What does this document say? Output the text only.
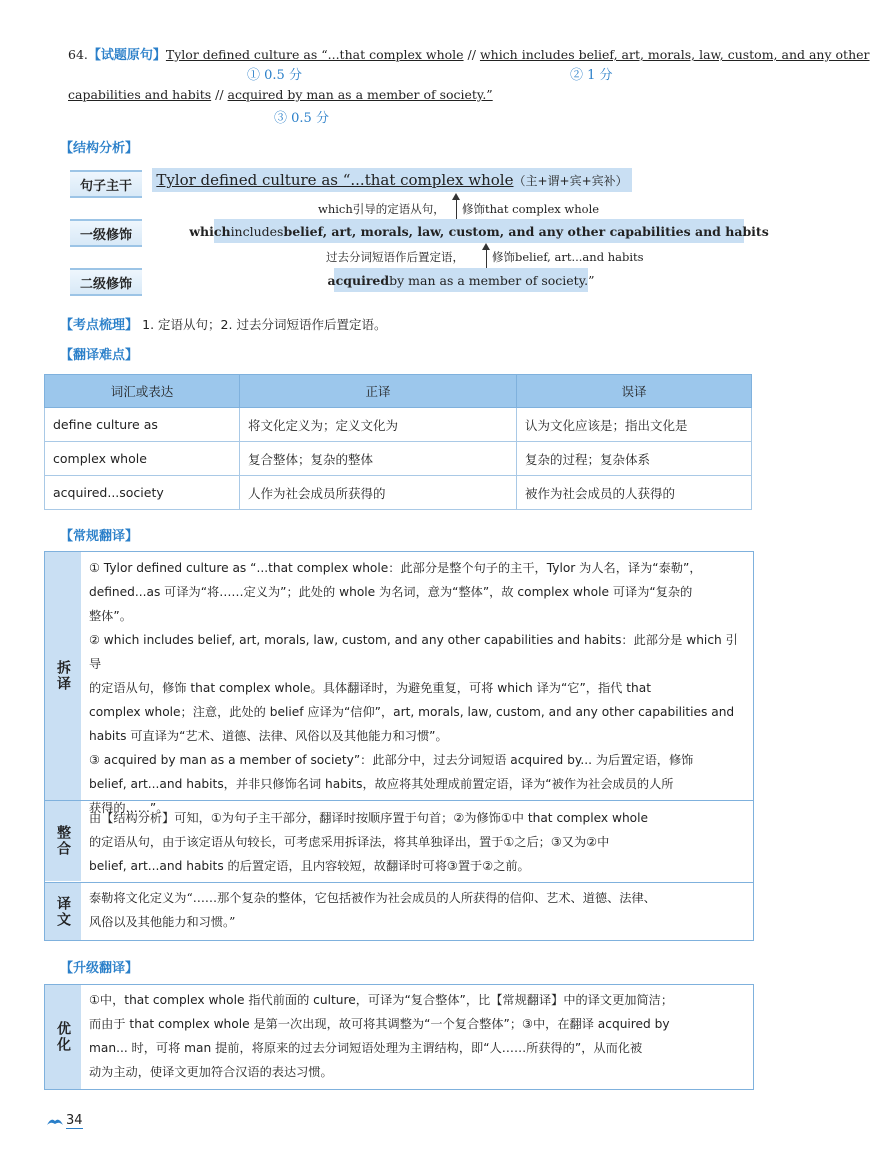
64.【试题原句】Tylor defined culture as “...that complex whole // which includes belief, art, morals, law, custom, and any other
① 0.5 分	② 1 分
capabilities and habits // acquired by man as a member of society.”
③ 0.5 分
【结构分析】
句子主干	Tylor defined culture as “...that complex whole （主+谓+宾+宾补）
which引导的定语从句， 修饰that complex whole
一级修饰	which includes belief, art, morals, law, custom, and any other capabilities and habits
过去分词短语作后置定语， 修饰belief, art...and habits
二级修饰	acquired by man as a member of society.”
【考点梳理】 1. 定语从句；2. 过去分词短语作后置定语。
【翻译难点】
词汇或表达	正译	误译
define culture as	将文化定义为；定义文化为	认为文化应该是；指出文化是
complex whole	复合整体；复杂的整体	复杂的过程；复杂体系
acquired...society	人作为社会成员所获得的	被作为社会成员的人获得的
【常规翻译】
拆译
① Tylor defined culture as “...that complex whole：此部分是整个句子的主干，Tylor 为人名，译为“泰勒”，
defined...as 可译为“将……定义为”；此处的 whole 为名词，意为“整体”，故 complex whole 可译为“复杂的
整体”。
② which includes belief, art, morals, law, custom, and any other capabilities and habits：此部分是 which 引导
的定语从句，修饰 that complex whole。具体翻译时，为避免重复，可将 which 译为“它”，指代 that
complex whole；注意，此处的 belief 应译为“信仰”，art, morals, law, custom, and any other capabilities and
habits 可直译为“艺术、道德、法律、风俗以及其他能力和习惯”。
③ acquired by man as a member of society”：此部分中，过去分词短语 acquired by... 为后置定语，修饰
belief, art...and habits，并非只修饰名词 habits，故应将其处理成前置定语，译为“被作为社会成员的人所
获得的……”。
整合
由【结构分析】可知，①为句子主干部分，翻译时按顺序置于句首；②为修饰①中 that complex whole
的定语从句，由于该定语从句较长，可考虑采用拆译法，将其单独译出，置于①之后；③又为②中
belief, art...and habits 的后置定语，且内容较短，故翻译时可将③置于②之前。
译文 泰勒将文化定义为“……那个复杂的整体，它包括被作为社会成员的人所获得的信仰、艺术、道德、法律、
风俗以及其他能力和习惯。”
【升级翻译】
优化
①中，that complex whole 指代前面的 culture，可译为“复合整体”，比【常规翻译】中的译文更加简洁；
而由于 that complex whole 是第一次出现，故可将其调整为“一个复合整体”；③中，在翻译 acquired by
man... 时，可将 man 提前，将原来的过去分词短语处理为主谓结构，即“人……所获得的”，从而化被
动为主动，使译文更加符合汉语的表达习惯。
34
